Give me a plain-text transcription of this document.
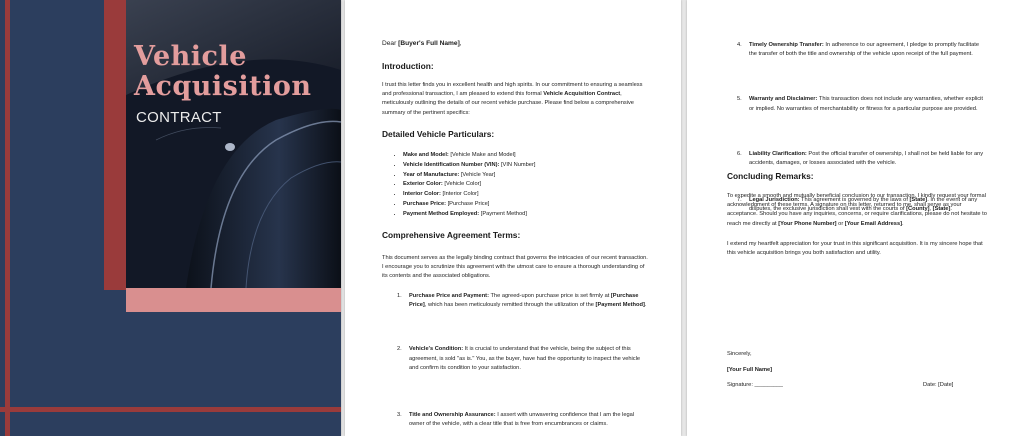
Vehicle
Acquisition
CONTRACT
Dear [Buyer's Full Name],
Introduction:
I trust this letter finds you in excellent health and high spirits. In our commitment to ensuring a seamless and professional transaction, I am pleased to extend this formal Vehicle Acquisition Contract, meticulously outlining the details of our recent vehicle purchase. Please find below a comprehensive summary of the pertinent specifics:
Detailed Vehicle Particulars:
• Make and Model: [Vehicle Make and Model]
• Vehicle Identification Number (VIN): [VIN Number]
• Year of Manufacture: [Vehicle Year]
• Exterior Color: [Vehicle Color]
• Interior Color: [Interior Color]
• Purchase Price: [Purchase Price]
• Payment Method Employed: [Payment Method]
Comprehensive Agreement Terms:
This document serves as the legally binding contract that governs the intricacies of our recent transaction. I encourage you to scrutinize this agreement with the utmost care to ensure a thorough understanding of its contents and the associated obligations.
1. Purchase Price and Payment: The agreed-upon purchase price is set firmly at [Purchase Price], which has been meticulously remitted through the utilization of the [Payment Method].
2. Vehicle's Condition: It is crucial to understand that the vehicle, being the subject of this agreement, is sold "as is." You, as the buyer, have had the opportunity to inspect the vehicle and confirm its condition to your satisfaction.
3. Title and Ownership Assurance: I assert with unwavering confidence that I am the legal owner of the vehicle, with a clear title that is free from encumbrances or claims.
4. Timely Ownership Transfer: In adherence to our agreement, I pledge to promptly facilitate the transfer of both the title and ownership of the vehicle upon receipt of the full payment.
5. Warranty and Disclaimer: This transaction does not include any warranties, whether explicit or implied. No warranties of merchantability or fitness for a particular purpose are provided.
6. Liability Clarification: Post the official transfer of ownership, I shall not be held liable for any accidents, damages, or losses associated with the vehicle.
7. Legal Jurisdiction: This agreement is governed by the laws of [State]. In the event of any disputes, the exclusive jurisdiction shall vest with the courts of [County], [State].
Concluding Remarks:
To expedite a smooth and mutually beneficial conclusion to our transaction, I kindly request your formal acknowledgment of these terms. A signature on this letter, returned to me, shall serve as your acceptance. Should you have any inquiries, concerns, or require clarifications, please do not hesitate to reach me directly at [Your Phone Number] or [Your Email Address].
I extend my heartfelt appreciation for your trust in this significant acquisition. It is my sincere hope that this vehicle acquisition brings you both satisfaction and utility.
Sincerely,
[Your Full Name]
Signature: _________	Date: [Date]
